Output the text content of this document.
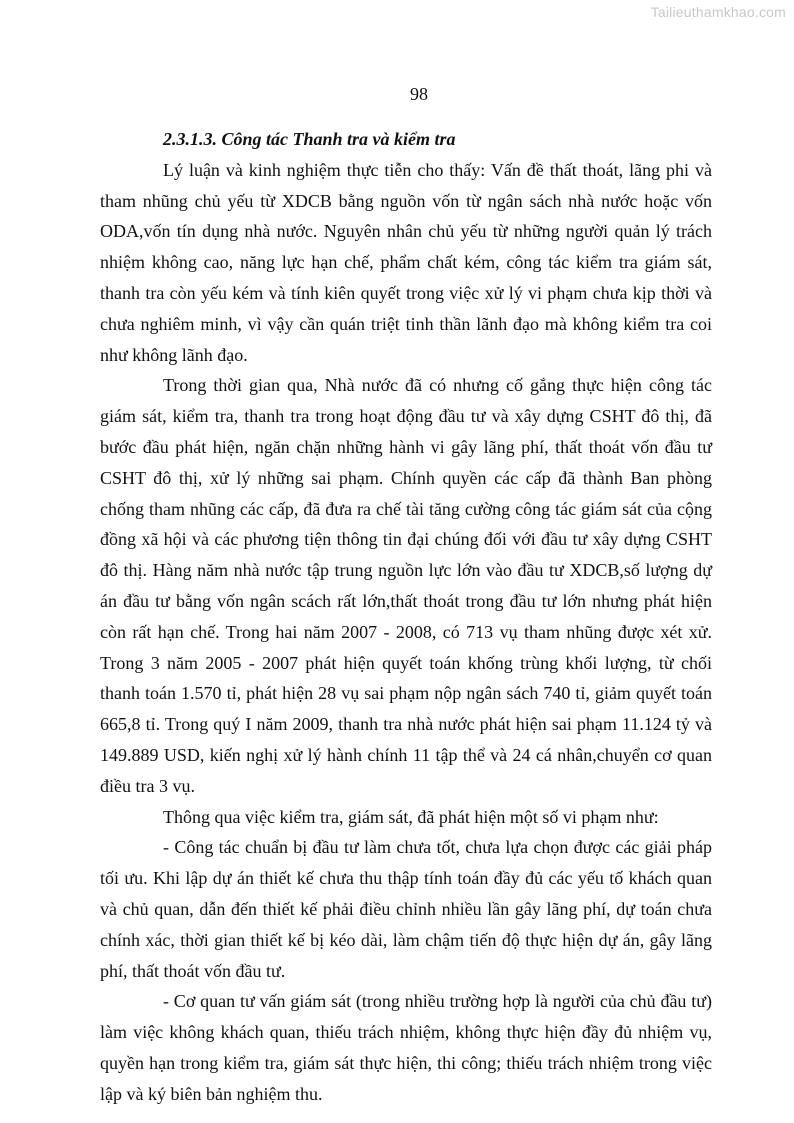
Tailieuthamkhao.com
98

2.3.1.3. Công tác Thanh tra và kiểm tra

Lý luận và kinh nghiệm thực tiễn cho thấy: Vấn đề thất thoát, lãng phi và tham nhũng chủ yếu từ XDCB bằng nguồn vốn từ ngân sách nhà nước hoặc vốn ODA,vốn tín dụng nhà nước. Nguyên nhân chủ yếu từ những người quản lý trách nhiệm không cao, năng lực hạn chế, phẩm chất kém, công tác kiểm tra giám sát, thanh tra còn yếu kém và tính kiên quyết trong việc xử lý vi phạm chưa kịp thời và chưa nghiêm minh, vì vậy cần quán triệt tinh thần lãnh đạo mà không kiểm tra coi như không lãnh đạo.

Trong thời gian qua, Nhà nước đã có nhưng cố gắng thực hiện công tác giám sát, kiểm tra, thanh tra trong hoạt động đầu tư và xây dựng CSHT đô thị, đã bước đầu phát hiện, ngăn chặn những hành vi gây lãng phí, thất thoát vốn đầu tư CSHT đô thị, xử lý những sai phạm. Chính quyền các cấp đã thành Ban phòng chống tham nhũng các cấp, đã đưa ra chế tài tăng cường công tác giám sát của cộng đồng xã hội và các phương tiện thông tin đại chúng đối với đầu tư xây dựng CSHT đô thị. Hàng năm nhà nước tập trung nguồn lực lớn vào đầu tư XDCB,số lượng dự án đầu tư bằng vốn ngân scách rất lớn,thất thoát trong đầu tư lớn nhưng phát hiện còn rất hạn chế. Trong hai năm 2007 - 2008, có 713 vụ tham nhũng được xét xử. Trong 3 năm 2005 - 2007 phát hiện quyết toán khống trùng khối lượng, từ chối thanh toán 1.570 tỉ, phát hiện 28 vụ sai phạm nộp ngân sách 740 tỉ, giảm quyết toán 665,8 tỉ. Trong quý I năm 2009, thanh tra nhà nước phát hiện sai phạm 11.124 tỷ và 149.889 USD, kiến nghị xử lý hành chính 11 tập thể và 24 cá nhân,chuyển cơ quan điều tra 3 vụ.

Thông qua việc kiểm tra, giám sát, đã phát hiện một số vi phạm như:

- Công tác chuẩn bị đầu tư làm chưa tốt, chưa lựa chọn được các giải pháp tối ưu. Khi lập dự án thiết kế chưa thu thập tính toán đầy đủ các yếu tố khách quan và chủ quan, dẫn đến thiết kế phải điều chỉnh nhiều lần gây lãng phí, dự toán chưa chính xác, thời gian thiết kế bị kéo dài, làm chậm tiến độ thực hiện dự án, gây lãng phí, thất thoát vốn đầu tư.

- Cơ quan tư vấn giám sát (trong nhiều trường hợp là người của chủ đầu tư) làm việc không khách quan, thiếu trách nhiệm, không thực hiện đầy đủ nhiệm vụ, quyền hạn trong kiểm tra, giám sát thực hiện, thi công; thiếu trách nhiệm trong việc lập và ký biên bản nghiệm thu.
